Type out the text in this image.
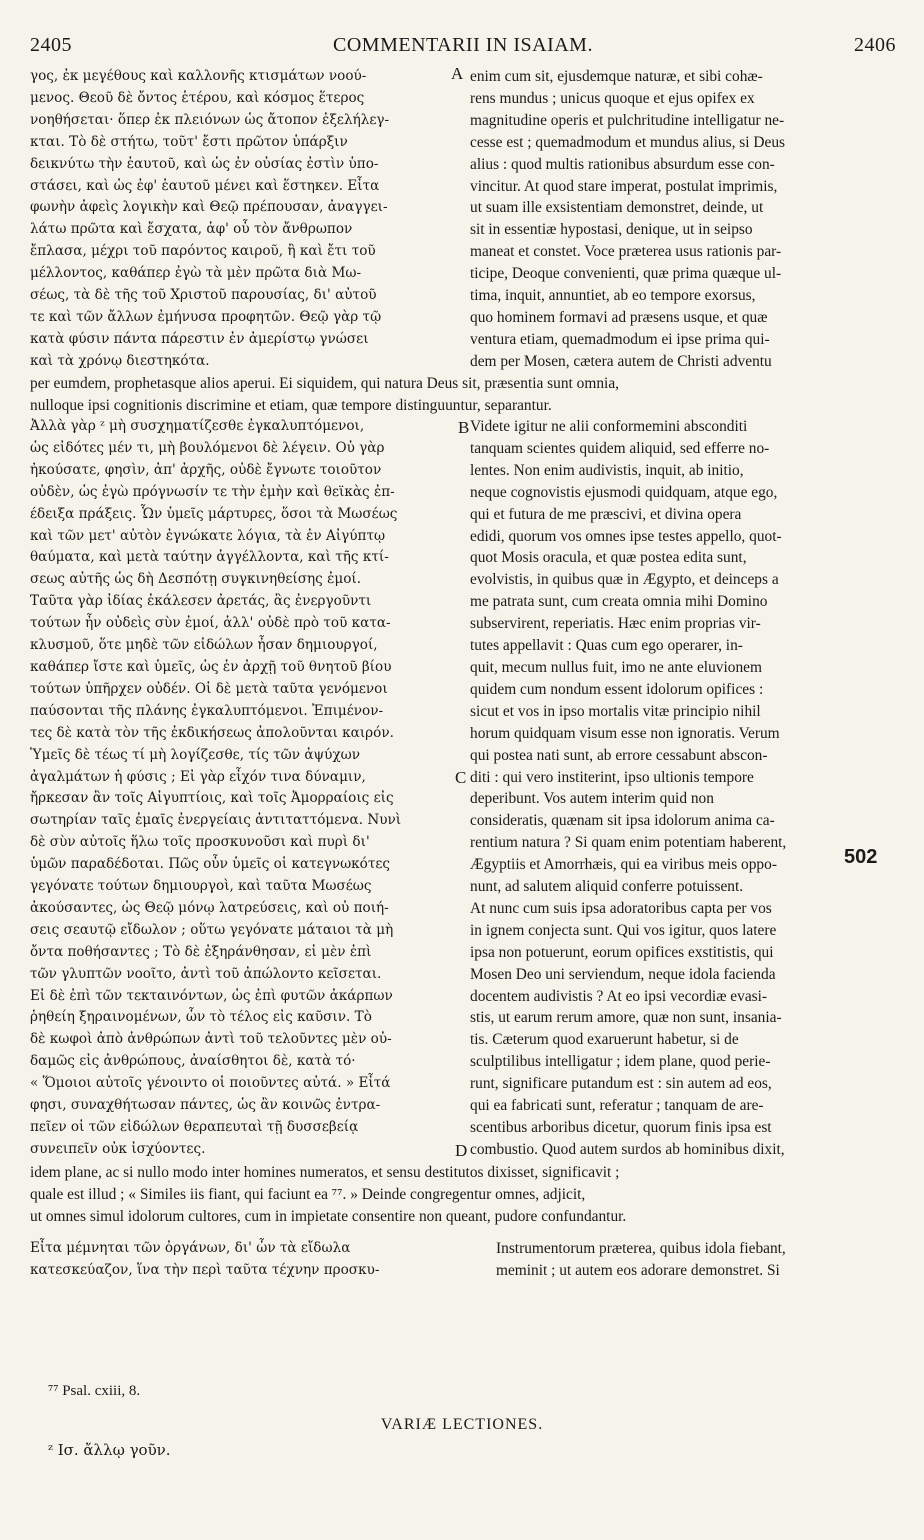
2405	COMMENTARII IN ISAIAM.	2406
γος, ἐκ μεγέθους καὶ καλλονῆς κτισμάτων νοού-
μενος. Θεοῦ δὲ ὄντος ἑτέρου, καὶ κόσμος ἕτερος
νοηθήσεται· ὅπερ ἐκ πλειόνων ὡς ἄτοπον ἐξελήλεγ-
κται. Τὸ δὲ στήτω, τοῦτ' ἔστι πρῶτον ὑπάρξιν
δεικνύτω τὴν ἑαυτοῦ, καὶ ὡς ἐν οὐσίας ἐστὶν ὑπο-
στάσει, καὶ ὡς ἐφ' ἑαυτοῦ μένει καὶ ἕστηκεν. Εἶτα
φωνὴν ἀφεὶς λογικὴν καὶ Θεῷ πρέπουσαν, ἀναγγει-
λάτω πρῶτα καὶ ἔσχατα, ἀφ' οὗ τὸν ἄνθρωπον
ἔπλασα, μέχρι τοῦ παρόντος καιροῦ, ἢ καὶ ἔτι τοῦ
μέλλοντος, καθάπερ ἐγὼ τὰ μὲν πρῶτα διὰ Μω-
σέως, τὰ δὲ τῆς τοῦ Χριστοῦ παρουσίας, δι' αὐτοῦ
τε καὶ τῶν ἄλλων ἐμήνυσα προφητῶν. Θεῷ γὰρ τῷ
κατὰ φύσιν πάντα πάρεστιν ἐν ἀμερίστῳ γνώσει
καὶ τὰ χρόνῳ διεστηκότα.
enim cum sit, ejusdemque naturæ, et sibi cohæ-
rens mundus ; unicus quoque et ejus opifex ex
magnitudine operis et pulchritudine intelligatur ne-
cesse est ; quemadmodum et mundus alius, si Deus
alius : quod multis rationibus absurdum esse con-
vincitur. At quod stare imperat, postulat imprimis,
ut suam ille exsistentiam demonstret, deinde, ut
sit in essentiæ hypostasi, denique, ut in seipso
maneat et constet. Voce præterea usus rationis par-
ticipe, Deoque convenienti, quæ prima quæque ul-
tima, inquit, annuntiet, ab eo tempore exorsus,
quo hominem formavi ad præsens usque, et quæ
ventura etiam, quemadmodum ei ipse prima qui-
dem per Mosen, cætera autem de Christi adventu
A
per eumdem, prophetasque alios aperui. Ei siquidem, qui natura Deus sit, præsentia sunt omnia,
nulloque ipsi cognitionis discrimine et etiam, quæ tempore distinguuntur, separantur.
Ἀλλὰ γὰρ ᶻ μὴ συσχηματίζεσθε ἐγκαλυπτόμενοι,
ὡς εἰδότες μέν τι, μὴ βουλόμενοι δὲ λέγειν. Οὐ γὰρ
ἠκούσατε, φησὶν, ἀπ' ἀρχῆς, οὐδὲ ἔγνωτε τοιοῦτον
οὐδὲν, ὡς ἐγὼ πρόγνωσίν τε τὴν ἐμὴν καὶ θεϊκὰς ἐπ-
έδειξα πράξεις. Ὧν ὑμεῖς μάρτυρες, ὅσοι τὰ Μωσέως
καὶ τῶν μετ' αὐτὸν ἐγνώκατε λόγια, τὰ ἐν Αἰγύπτῳ
θαύματα, καὶ μετὰ ταύτην ἀγγέλλοντα, καὶ τῆς κτί-
σεως αὐτῆς ὡς δὴ Δεσπότῃ συγκινηθείσης ἐμοί.
Ταῦτα γὰρ ἰδίας ἐκάλεσεν ἀρετάς, ἃς ἐνεργοῦντι
τούτων ἦν οὐδεὶς σὺν ἐμοί, ἀλλ' οὐδὲ πρὸ τοῦ κατα-
κλυσμοῦ, ὅτε μηδὲ τῶν εἰδώλων ἦσαν δημιουργοί,
καθάπερ ἴστε καὶ ὑμεῖς, ὡς ἐν ἀρχῇ τοῦ θνητοῦ βίου
τούτων ὑπῆρχεν οὐδέν. Οἱ δὲ μετὰ ταῦτα γενόμενοι
παύσονται τῆς πλάνης ἐγκαλυπτόμενοι. Ἐπιμένον-
τες δὲ κατὰ τὸν τῆς ἐκδικήσεως ἀπολοῦνται καιρόν.
Ὑμεῖς δὲ τέως τί μὴ λογίζεσθε, τίς τῶν ἀψύχων
ἀγαλμάτων ἡ φύσις ; Εἰ γὰρ εἶχόν τινα δύναμιν,
ἤρκεσαν ἂν τοῖς Αἰγυπτίοις, καὶ τοῖς Ἀμορραίοις εἰς
σωτηρίαν ταῖς ἐμαῖς ἐνεργείαις ἀντιταττόμενα. Νυνὶ
δὲ σὺν αὐτοῖς ἥλω τοῖς προσκυνοῦσι καὶ πυρὶ δι'
ὑμῶν παραδέδοται. Πῶς οὖν ὑμεῖς οἱ κατεγνωκότες
γεγόνατε τούτων δημιουργοὶ, καὶ ταῦτα Μωσέως
ἀκούσαντες, ὡς Θεῷ μόνῳ λατρεύσεις, καὶ οὐ ποιή-
σεις σεαυτῷ εἴδωλον ; οὕτω γεγόνατε μάταιοι τὰ μὴ
ὄντα ποθήσαντες ; Τὸ δὲ ἐξηράνθησαν, εἰ μὲν ἐπὶ
τῶν γλυπτῶν νοοῖτο, ἀντὶ τοῦ ἀπώλοντο κεῖσεται.
Εἰ δὲ ἐπὶ τῶν τεκταινόντων, ὡς ἐπὶ φυτῶν ἀκάρπων
ῥηθείη ξηραινομένων, ὧν τὸ τέλος εἰς καῦσιν. Τὸ
δὲ κωφοὶ ἀπὸ ἀνθρώπων ἀντὶ τοῦ τελοῦντες μὲν οὐ-
δαμῶς εἰς ἀνθρώπους, ἀναίσθητοι δὲ, κατὰ τό·
« Ὅμοιοι αὐτοῖς γένοιντο οἱ ποιοῦντες αὐτά. » Εἶτά
φησι, συναχθήτωσαν πάντες, ὡς ἂν κοινῶς ἐντρα-
πεῖεν οἱ τῶν εἰδώλων θεραπευταὶ τῇ δυσσεβείᾳ
συνειπεῖν οὐκ ἰσχύοντες.
Videte igitur ne alii conformemini absconditi
tanquam scientes quidem aliquid, sed efferre no-
lentes. Non enim audivistis, inquit, ab initio,
neque cognovistis ejusmodi quidquam, atque ego,
qui et futura de me præscivi, et divina opera
edidi, quorum vos omnes ipse testes appello, quot-
quot Mosis oracula, et quæ postea edita sunt,
evolvistis, in quibus quæ in Ægypto, et deinceps a
me patrata sunt, cum creata omnia mihi Domino
subservirent, reperiatis. Hæc enim proprias vir-
tutes appellavit : Quas cum ego operarer, in-
quit, mecum nullus fuit, imo ne ante eluvionem
quidem cum nondum essent idolorum opifices :
sicut et vos in ipso mortalis vitæ principio nihil
horum quidquam visum esse non ignoratis. Verum
qui postea nati sunt, ab errore cessabunt abscon-
diti : qui vero institerint, ipso ultionis tempore
deperibunt. Vos autem interim quid non
consideratis, quænam sit ipsa idolorum anima ca-
rentium natura ? Si quam enim potentiam haberent,
Ægyptiis et Amorrhæis, qui ea viribus meis oppo-
nunt, ad salutem aliquid conferre potuissent.
At nunc cum suis ipsa adoratoribus capta per vos
in ignem conjecta sunt. Qui vos igitur, quos latere
ipsa non potuerunt, eorum opifices exstitistis, qui
Mosen Deo uni serviendum, neque idola facienda
docentem audivistis ? At eo ipsi vecordiæ evasi-
stis, ut earum rerum amore, quæ non sunt, insania-
tis. Cæterum quod exaruerunt habetur, si de
sculptilibus intelligatur ; idem plane, quod perie-
runt, significare putandum est : sin autem ad eos,
qui ea fabricati sunt, referatur ; tanquam de are-
scentibus arboribus dicetur, quorum finis ipsa est
combustio. Quod autem surdos ab hominibus dixit,
B
C
D
502
idem plane, ac si nullo modo inter homines numeratos, et sensu destitutos dixisset, significavit ;
quale est illud ; « Similes iis fiant, qui faciunt ea ⁷⁷. » Deinde congregentur omnes, adjicit,
ut omnes simul idolorum cultores, cum in impietate consentire non queant, pudore confundantur.
Εἶτα μέμνηται τῶν ὀργάνων, δι' ὧν τὰ εἴδωλα
κατεσκεύαζον, ἵνα τὴν περὶ ταῦτα τέχνην προσκυ-
Instrumentorum præterea, quibus idola fiebant,
meminit ; ut autem eos adorare demonstret. Si
⁷⁷ Psal. cxiii, 8.
VARIÆ LECTIONES.
ᶻ Ισ. ἄλλῳ γοῦν.
